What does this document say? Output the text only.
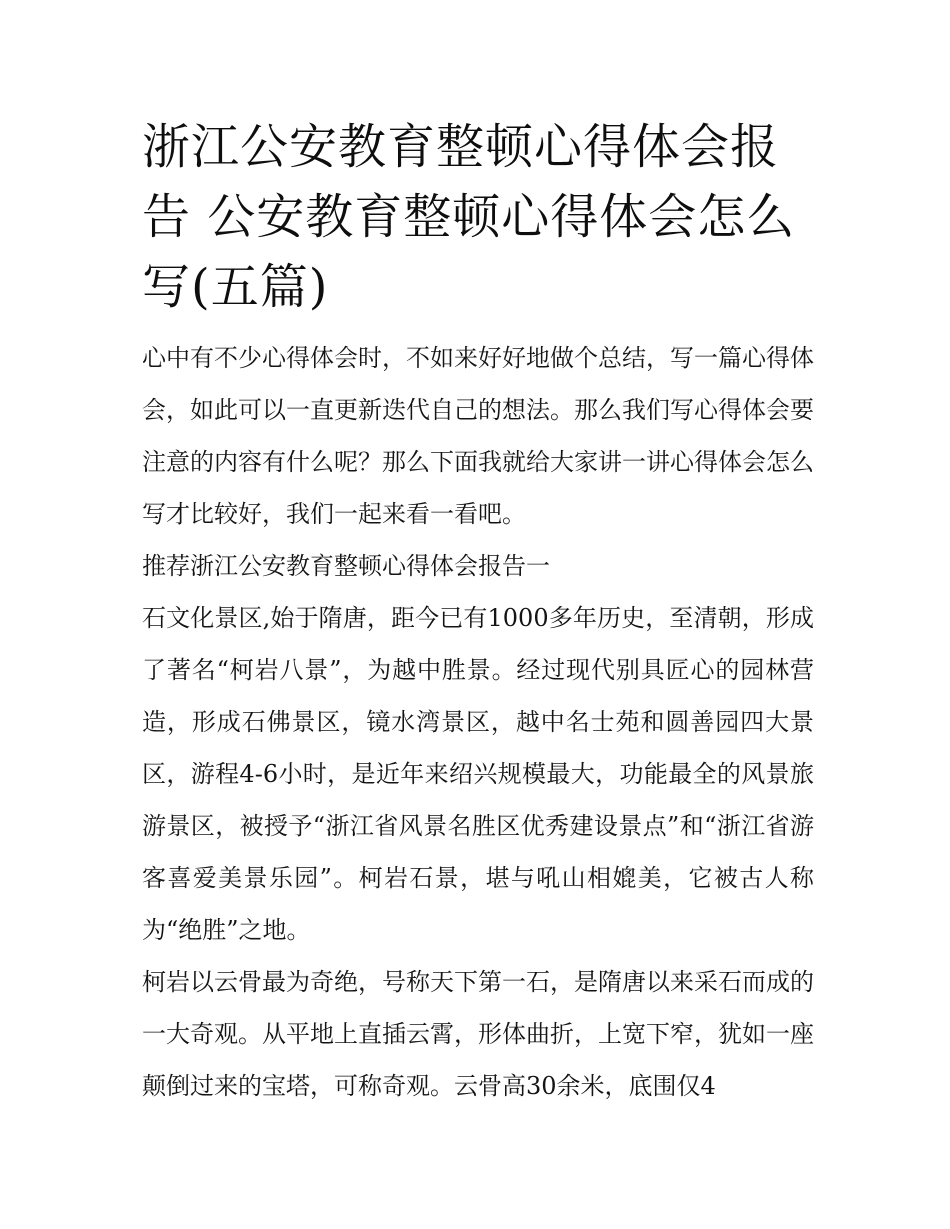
浙江公安教育整顿心得体会报告 公安教育整顿心得体会怎么写(五篇)

心中有不少心得体会时，不如来好好地做个总结，写一篇心得体会，如此可以一直更新迭代自己的想法。那么我们写心得体会要注意的内容有什么呢？那么下面我就给大家讲一讲心得体会怎么写才比较好，我们一起来看一看吧。

推荐浙江公安教育整顿心得体会报告一

石文化景区,始于隋唐，距今已有1000多年历史，至清朝，形成了著名“柯岩八景”，为越中胜景。经过现代别具匠心的园林营造，形成石佛景区，镜水湾景区，越中名士苑和圆善园四大景区，游程4-6小时，是近年来绍兴规模最大，功能最全的风景旅游景区，被授予“浙江省风景名胜区优秀建设景点”和“浙江省游客喜爱美景乐园”。柯岩石景，堪与吼山相媲美，它被古人称为“绝胜”之地。

柯岩以云骨最为奇绝，号称天下第一石，是隋唐以来采石而成的一大奇观。从平地上直插云霄，形体曲折，上宽下窄，犹如一座颠倒过来的宝塔，可称奇观。云骨高30余米，底围仅4
